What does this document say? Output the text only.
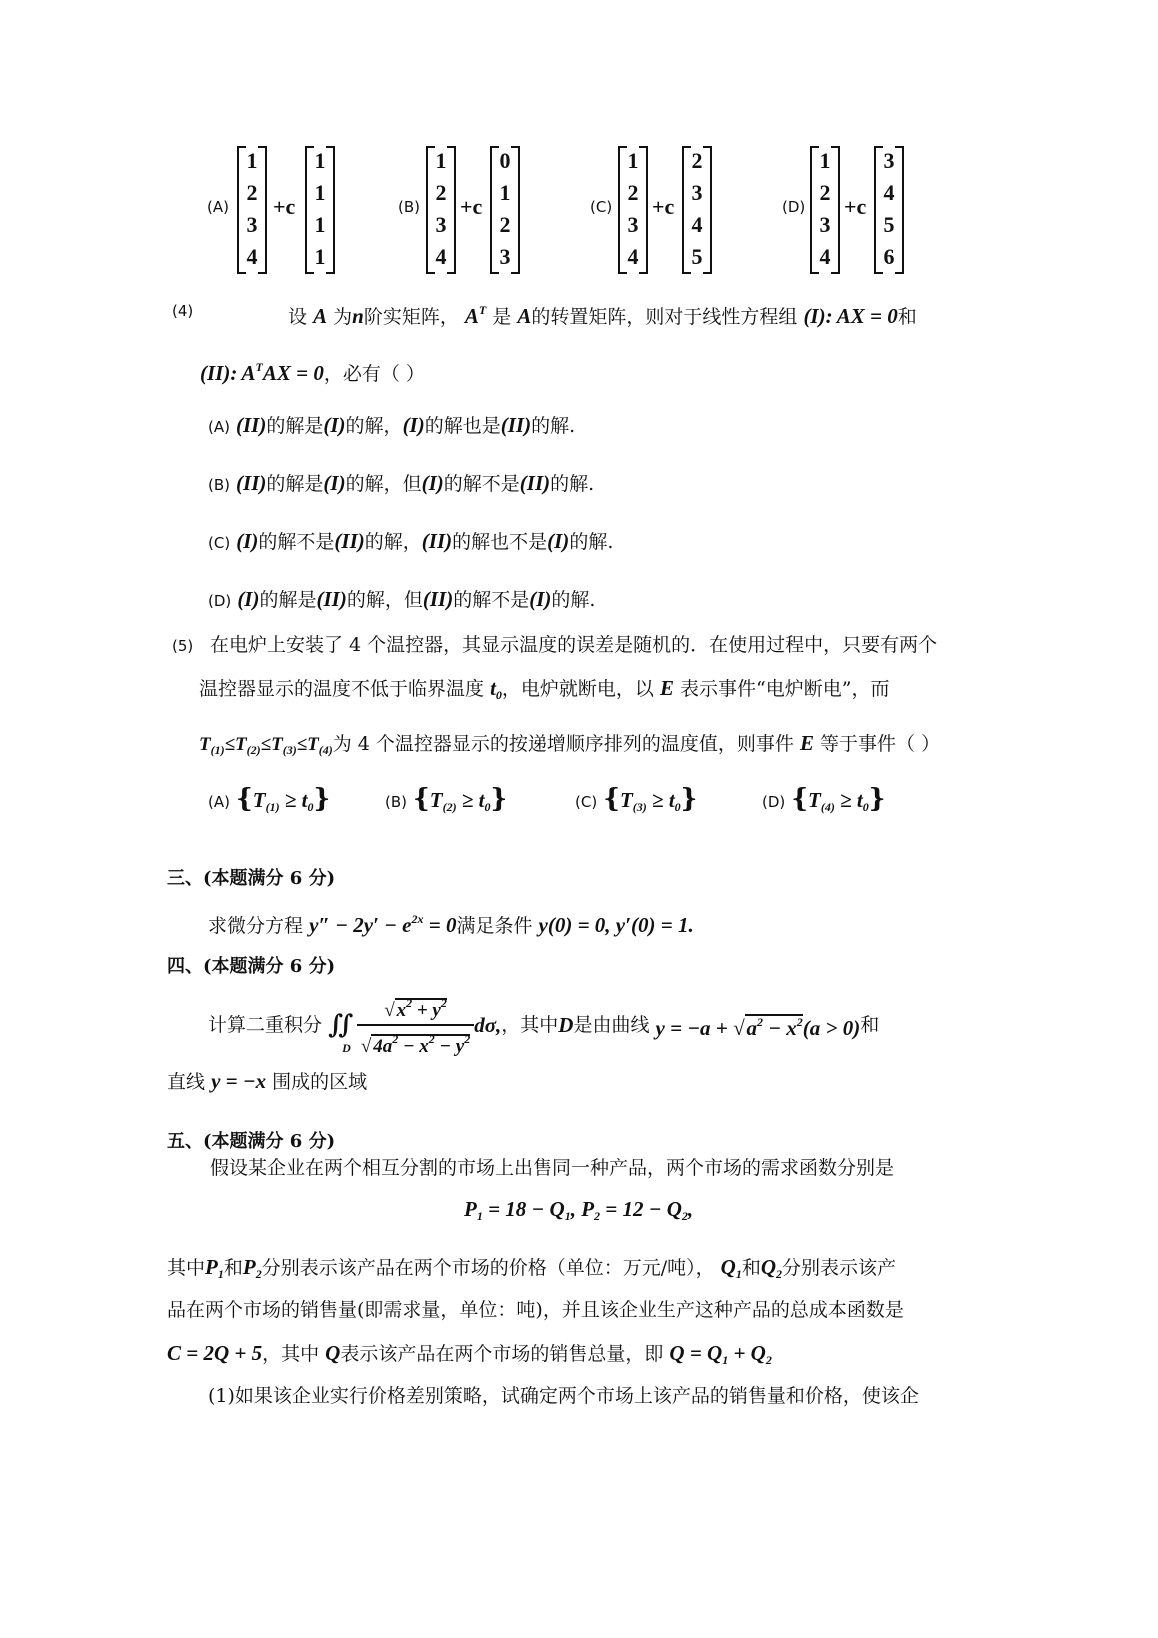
(A)
1
2
3
4
+c
1
1
1
1
(B)
1
2
3
4
+c
0
1
2
3
(C)
1
2
3
4
+c
2
3
4
5
(D)
1
2
3
4
+c
3
4
5
6
(4)	设 A 为n阶实矩阵， $A^T$ 是 A的转置矩阵，则对于线性方程组 (I): AX = 0和
(II): $A^TAX = 0$，必有（ ）
(A) (II)的解是(I)的解，(I)的解也是(II)的解.
(B) (II)的解是(I)的解，但(I)的解不是(II)的解.
(C) (I)的解不是(II)的解，(II)的解也不是(I)的解.
(D) (I)的解是(II)的解，但(II)的解不是(I)的解.
(5) 在电炉上安装了 4 个温控器，其显示温度的误差是随机的．在使用过程中，只要有两个
温控器显示的温度不低于临界温度 $t_0$，电炉就断电，以 E 表示事件“电炉断电”，而
$T_{(1)}\le T_{(2)}\le T_{(3)}\le T_{(4)}$为 4 个温控器显示的按递增顺序排列的温度值，则事件 E 等于事件（ ）
(A) $\{T_{(1)} \ge t_0\}$	(B) $\{T_{(2)} \ge t_0\}$	(C) $\{T_{(3)} \ge t_0\}$	(D) $\{T_{(4)} \ge t_0\}$
三、(本题满分 6 分)
求微分方程 $y'' - 2y' - e^{2x} = 0$满足条件 y(0) = 0, y′(0) = 1.
四、(本题满分 6 分)
计算二重积分 $∬_D \frac{√ x^2 + y^2}{√ 4a^2 - x^2 - y^2} d\sigma$,，其中D是由曲线 $y = -a + √a^2 - x^2(a > 0)$和
直线 y = −x 围成的区域
五、(本题满分 6 分)
假设某企业在两个相互分割的市场上出售同一种产品，两个市场的需求函数分别是
$P_1 = 18 - Q_1$, $P_2 = 12 - Q_2$,
其中$P_1$和$P_2$分别表示该产品在两个市场的价格（单位：万元/吨）， $Q_1$和$Q_2$分别表示该产
品在两个市场的销售量(即需求量，单位：吨)，并且该企业生产这种产品的总成本函数是
C = 2Q + 5，其中 Q表示该产品在两个市场的销售总量，即 $Q = Q_1 + Q_2$
(1)如果该企业实行价格差别策略，试确定两个市场上该产品的销售量和价格，使该企
